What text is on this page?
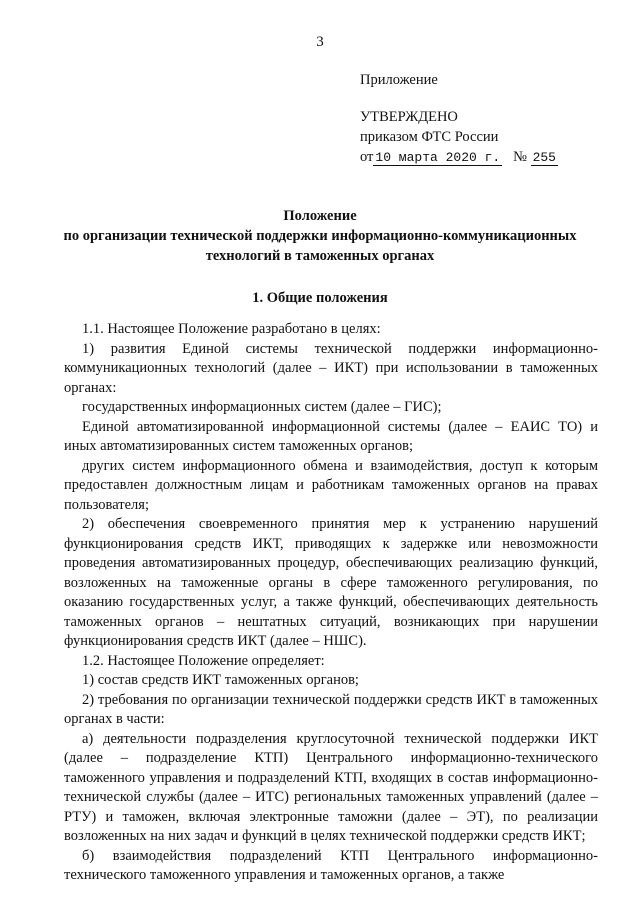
3
Приложение
УТВЕРЖДЕНО
приказом ФТС России
от 10 марта 2020 г. № 255
Положение
по организации технической поддержки информационно-коммуникационных
технологий в таможенных органах
1. Общие положения

1.1. Настоящее Положение разработано в целях:

1) развития Единой системы технической поддержки информационно-коммуникационных технологий (далее – ИКТ) при использовании в таможенных органах:

государственных информационных систем (далее – ГИС);

Единой автоматизированной информационной системы (далее – ЕАИС ТО) и иных автоматизированных систем таможенных органов;

других систем информационного обмена и взаимодействия, доступ к которым предоставлен должностным лицам и работникам таможенных органов на правах пользователя;

2) обеспечения своевременного принятия мер к устранению нарушений функционирования средств ИКТ, приводящих к задержке или невозможности проведения автоматизированных процедур, обеспечивающих реализацию функций, возложенных на таможенные органы в сфере таможенного регулирования, по оказанию государственных услуг, а также функций, обеспечивающих деятельность таможенных органов – нештатных ситуаций, возникающих при нарушении функционирования средств ИКТ (далее – НШС).

1.2. Настоящее Положение определяет:

1) состав средств ИКТ таможенных органов;

2) требования по организации технической поддержки средств ИКТ в таможенных органах в части:

а) деятельности подразделения круглосуточной технической поддержки ИКТ (далее – подразделение КТП) Центрального информационно-технического таможенного управления и подразделений КТП, входящих в состав информационно-технической службы (далее – ИТС) региональных таможенных управлений (далее – РТУ) и таможен, включая электронные таможни (далее – ЭТ), по реализации возложенных на них задач и функций в целях технической поддержки средств ИКТ;

б) взаимодействия подразделений КТП Центрального информационно-технического таможенного управления и таможенных органов, а также
